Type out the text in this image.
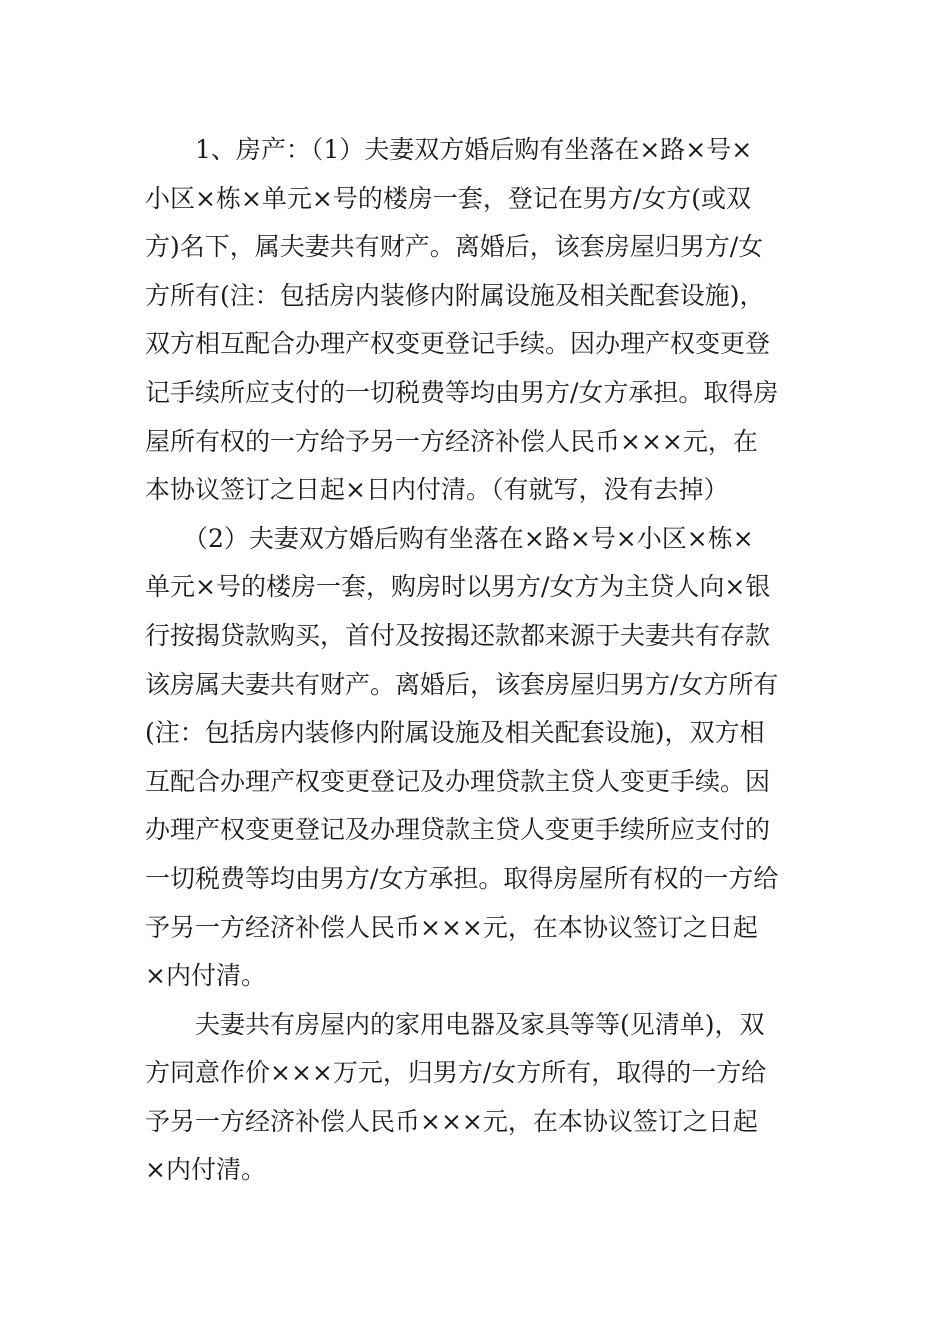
1、房产：（1）夫妻双方婚后购有坐落在×路×号×
小区×栋×单元×号的楼房一套，登记在男方/女方(或双
方)名下，属夫妻共有财产。离婚后，该套房屋归男方/女
方所有(注：包括房内装修内附属设施及相关配套设施)，
双方相互配合办理产权变更登记手续。因办理产权变更登
记手续所应支付的一切税费等均由男方/女方承担。取得房
屋所有权的一方给予另一方经济补偿人民币×××元，在
本协议签订之日起×日内付清。（有就写，没有去掉）

（2）夫妻双方婚后购有坐落在×路×号×小区×栋×
单元×号的楼房一套，购房时以男方/女方为主贷人向×银
行按揭贷款购买，首付及按揭还款都来源于夫妻共有存款
该房属夫妻共有财产。离婚后，该套房屋归男方/女方所有
(注：包括房内装修内附属设施及相关配套设施)，双方相
互配合办理产权变更登记及办理贷款主贷人变更手续。因
办理产权变更登记及办理贷款主贷人变更手续所应支付的
一切税费等均由男方/女方承担。取得房屋所有权的一方给
予另一方经济补偿人民币×××元，在本协议签订之日起
×内付清。

夫妻共有房屋内的家用电器及家具等等(见清单)，双
方同意作价×××万元，归男方/女方所有，取得的一方给
予另一方经济补偿人民币×××元，在本协议签订之日起
×内付清。
